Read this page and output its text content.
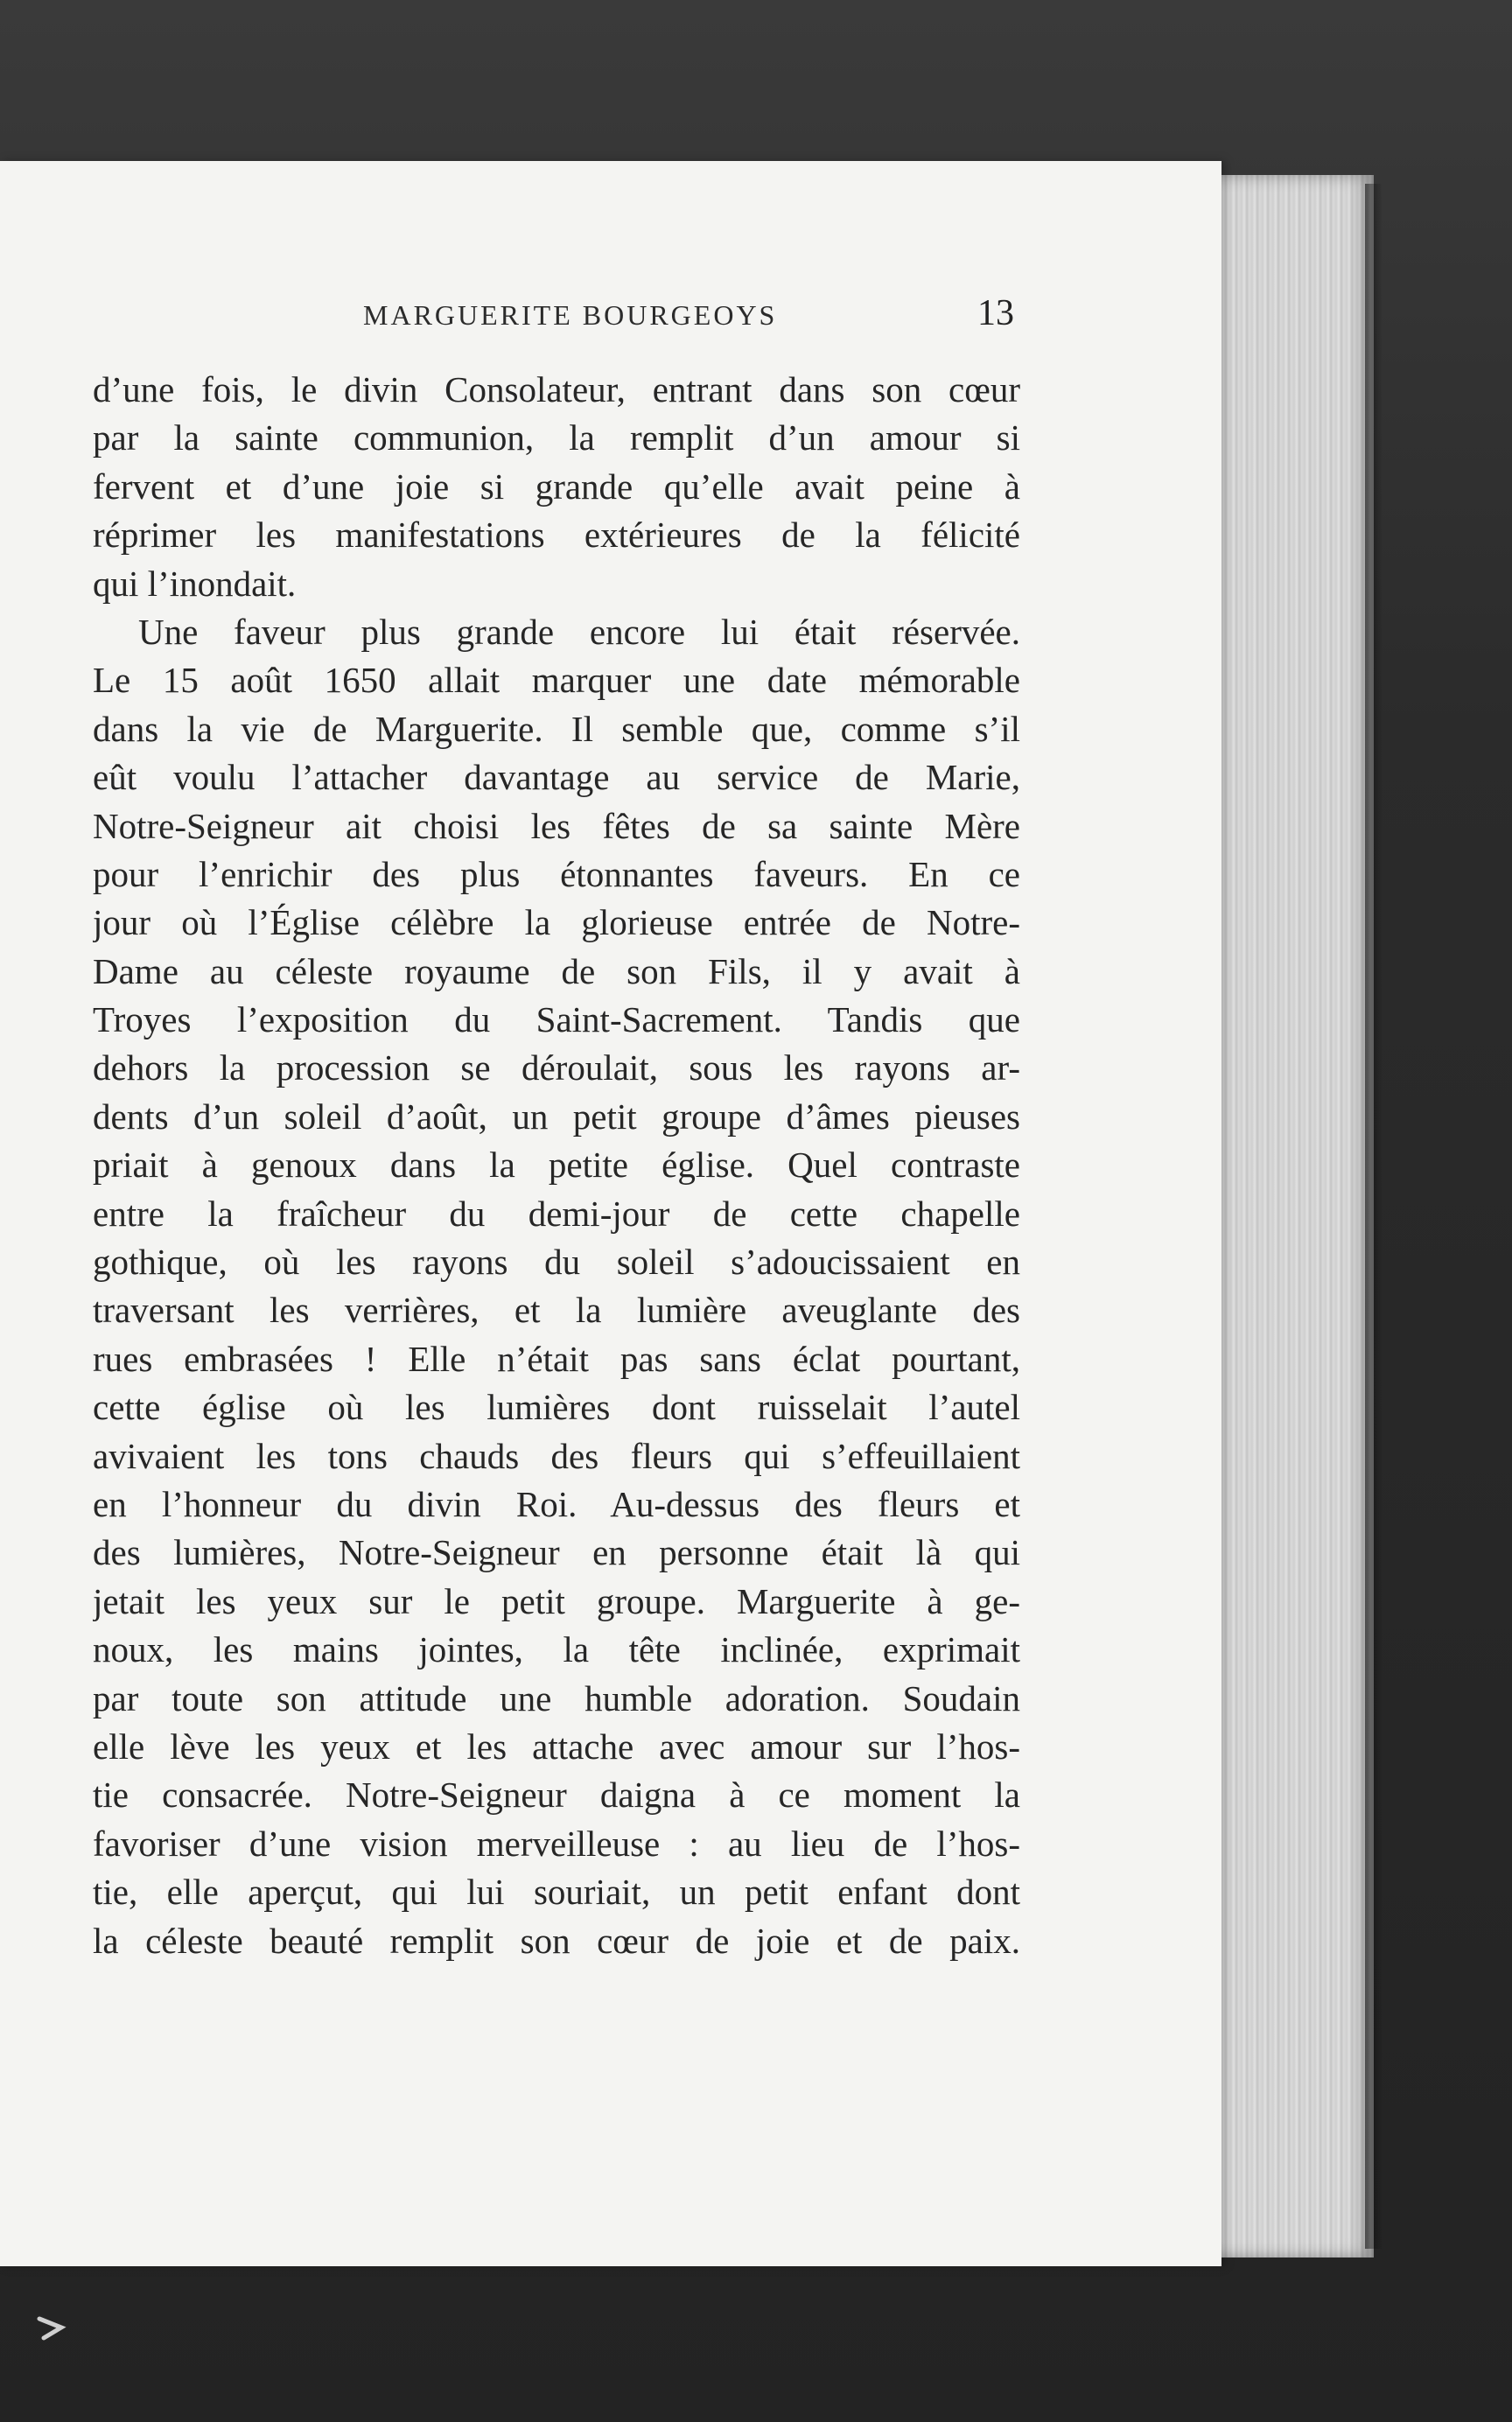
MARGUERITE BOURGEOYS	13
d’une fois, le divin Consolateur, entrant dans son cœur
par la sainte communion, la remplit d’un amour si
fervent et d’une joie si grande qu’elle avait peine à
réprimer les manifestations extérieures de la félicité
qui l’inondait.
Une faveur plus grande encore lui était réservée.
Le 15 août 1650 allait marquer une date mémorable
dans la vie de Marguerite. Il semble que, comme s’il
eût voulu l’attacher davantage au service de Marie,
Notre-Seigneur ait choisi les fêtes de sa sainte Mère
pour l’enrichir des plus étonnantes faveurs. En ce
jour où l’Église célèbre la glorieuse entrée de Notre-
Dame au céleste royaume de son Fils, il y avait à
Troyes l’exposition du Saint-Sacrement. Tandis que
dehors la procession se déroulait, sous les rayons ar-
dents d’un soleil d’août, un petit groupe d’âmes pieuses
priait à genoux dans la petite église. Quel contraste
entre la fraîcheur du demi-jour de cette chapelle
gothique, où les rayons du soleil s’adoucissaient en
traversant les verrières, et la lumière aveuglante des
rues embrasées ! Elle n’était pas sans éclat pourtant,
cette église où les lumières dont ruisselait l’autel
avivaient les tons chauds des fleurs qui s’effeuillaient
en l’honneur du divin Roi. Au-dessus des fleurs et
des lumières, Notre-Seigneur en personne était là qui
jetait les yeux sur le petit groupe. Marguerite à ge-
noux, les mains jointes, la tête inclinée, exprimait
par toute son attitude une humble adoration. Soudain
elle lève les yeux et les attache avec amour sur l’hos-
tie consacrée. Notre-Seigneur daigna à ce moment la
favoriser d’une vision merveilleuse : au lieu de l’hos-
tie, elle aperçut, qui lui souriait, un petit enfant dont
la céleste beauté remplit son cœur de joie et de paix.
